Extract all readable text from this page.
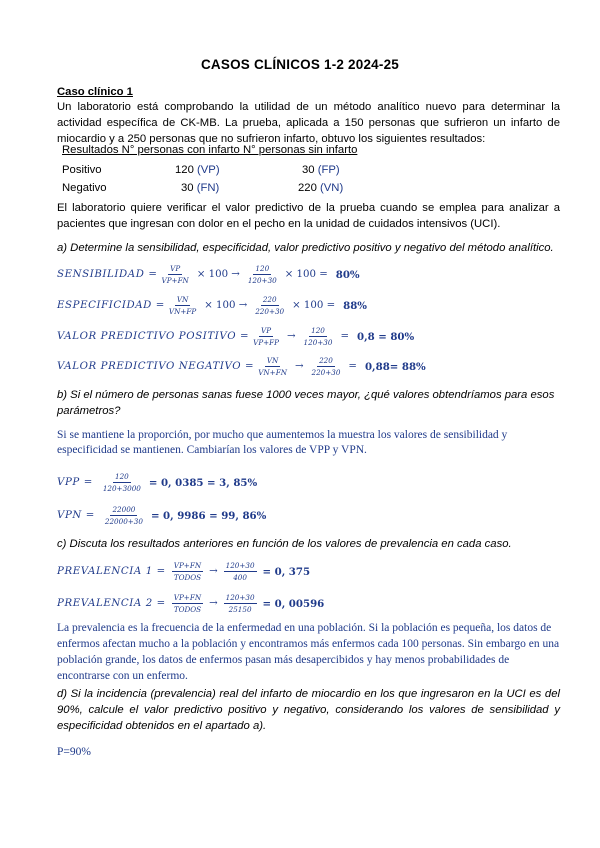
CASOS CLÍNICOS 1-2 2024-25
Caso clínico 1
Un laboratorio está comprobando la utilidad de un método analítico nuevo para determinar la actividad específica de CK-MB. La prueba, aplicada a 150 personas que sufrieron un infarto de miocardio y a 250 personas que no sufrieron infarto, obtuvo los siguientes resultados:
Resultados N° personas con infarto N° personas sin infarto
Positivo	120 (VP)	30 (FP)
Negativo	30 (FN)	220 (VN)
El laboratorio quiere verificar el valor predictivo de la prueba cuando se emplea para analizar a pacientes que ingresan con dolor en el pecho en la unidad de cuidados intensivos (UCI).
a) Determine la sensibilidad, especificidad, valor predictivo positivo y negativo del método analítico.
SENSIBILIDAD = $\frac{VP}{VP+FN} \times 100 \to \frac{120}{120+30} \times 100 = 80\%$
ESPECIFICIDAD = $\frac{VN}{VN+FP} \times 100 \to \frac{220}{220+30} \times 100 = 88\%$
VALOR PREDICTIVO POSITIVO = $\frac{VP}{VP+FP} \to \frac{120}{120+30} = 0,8 = 80\%$
VALOR PREDICTIVO NEGATIVO = $\frac{VN}{VN+FN} \to \frac{220}{220+30} = 0,88= 88\%$
b) Si el número de personas sanas fuese 1000 veces mayor, ¿qué valores obtendríamos para esos parámetros?
Si se mantiene la proporción, por mucho que aumentemos la muestra los valores de sensibilidad y especificidad se mantienen. Cambiarían los valores de VPP y VPN.
VPP = $\frac{120}{120+3000} = 0$, 0385 = 3, 85%
VPN = $\frac{22000}{22000+30} = 0$, 9986 = 99, 86%
c) Discuta los resultados anteriores en función de los valores de prevalencia en cada caso.
PREVALENCIA $1 = \frac{VP+FN}{\text{TODOS}} \to \frac{120+30}{400} = 0$, 375
PREVALENCIA $2 = \frac{VP+FN}{\text{TODOS}} \to \frac{120+30}{25150} = 0$, 00596
La prevalencia es la frecuencia de la enfermedad en una población. Si la población es pequeña, los datos de enfermos afectan mucho a la población y encontramos más enfermos cada 100 personas. Sin embargo en una población grande, los datos de enfermos pasan más desapercibidos y hay menos probabilidades de encontrarse con un enfermo.
d) Si la incidencia (prevalencia) real del infarto de miocardio en los que ingresaron en la UCI es del 90%, calcule el valor predictivo positivo y negativo, considerando los valores de sensibilidad y especificidad obtenidos en el apartado a).
P=90%
